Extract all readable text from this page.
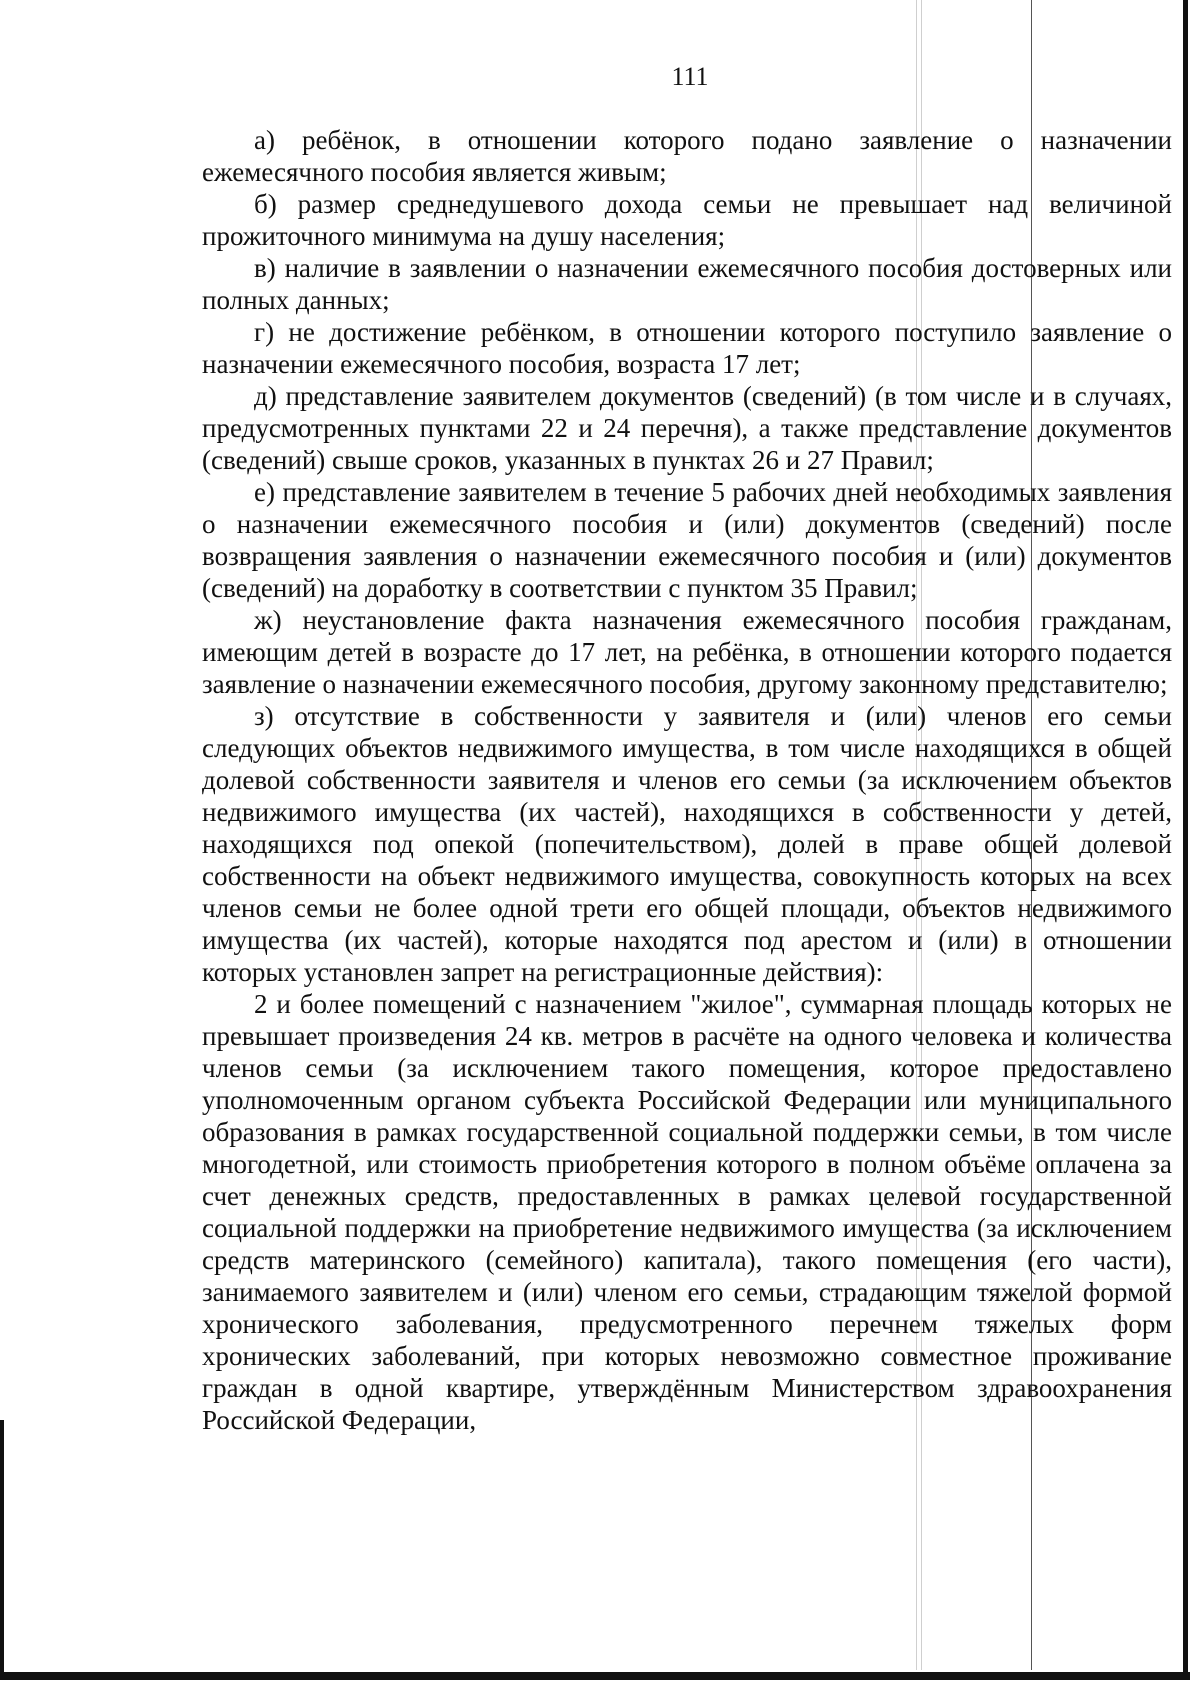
111

а) ребёнок, в отношении которого подано заявление о назначении ежемесячного пособия является живым;

б) размер среднедушевого дохода семьи не превышает над величиной прожиточного минимума на душу населения;

в) наличие в заявлении о назначении ежемесячного пособия достоверных или полных данных;

г) не достижение ребёнком, в отношении которого поступило заявление о назначении ежемесячного пособия, возраста 17 лет;

д) представление заявителем документов (сведений) (в том числе и в случаях, предусмотренных пунктами 22 и 24 перечня), а также представление документов (сведений) свыше сроков, указанных в пунктах 26 и 27 Правил;

е) представление заявителем в течение 5 рабочих дней необходимых заявления о назначении ежемесячного пособия и (или) документов (сведений) после возвращения заявления о назначении ежемесячного пособия и (или) документов (сведений) на доработку в соответствии с пунктом 35 Правил;

ж) неустановление факта назначения ежемесячного пособия гражданам, имеющим детей в возрасте до 17 лет, на ребёнка, в отношении которого подается заявление о назначении ежемесячного пособия, другому законному представителю;

з) отсутствие в собственности у заявителя и (или) членов его семьи следующих объектов недвижимого имущества, в том числе находящихся в общей долевой собственности заявителя и членов его семьи (за исключением объектов недвижимого имущества (их частей), находящихся в собственности у детей, находящихся под опекой (попечительством), долей в праве общей долевой собственности на объект недвижимого имущества, совокупность которых на всех членов семьи не более одной трети его общей площади, объектов недвижимого имущества (их частей), которые находятся под арестом и (или) в отношении которых установлен запрет на регистрационные действия):

2 и более помещений с назначением "жилое", суммарная площадь которых не превышает произведения 24 кв. метров в расчёте на одного человека и количества членов семьи (за исключением такого помещения, которое предоставлено уполномоченным органом субъекта Российской Федерации или муниципального образования в рамках государственной социальной поддержки семьи, в том числе многодетной, или стоимость приобретения которого в полном объёме оплачена за счет денежных средств, предоставленных в рамках целевой государственной социальной поддержки на приобретение недвижимого имущества (за исключением средств материнского (семейного) капитала), такого помещения (его части), занимаемого заявителем и (или) членом его семьи, страдающим тяжелой формой хронического заболевания, предусмотренного перечнем тяжелых форм хронических заболеваний, при которых невозможно совместное проживание граждан в одной квартире, утверждённым Министерством здравоохранения Российской Федерации,
